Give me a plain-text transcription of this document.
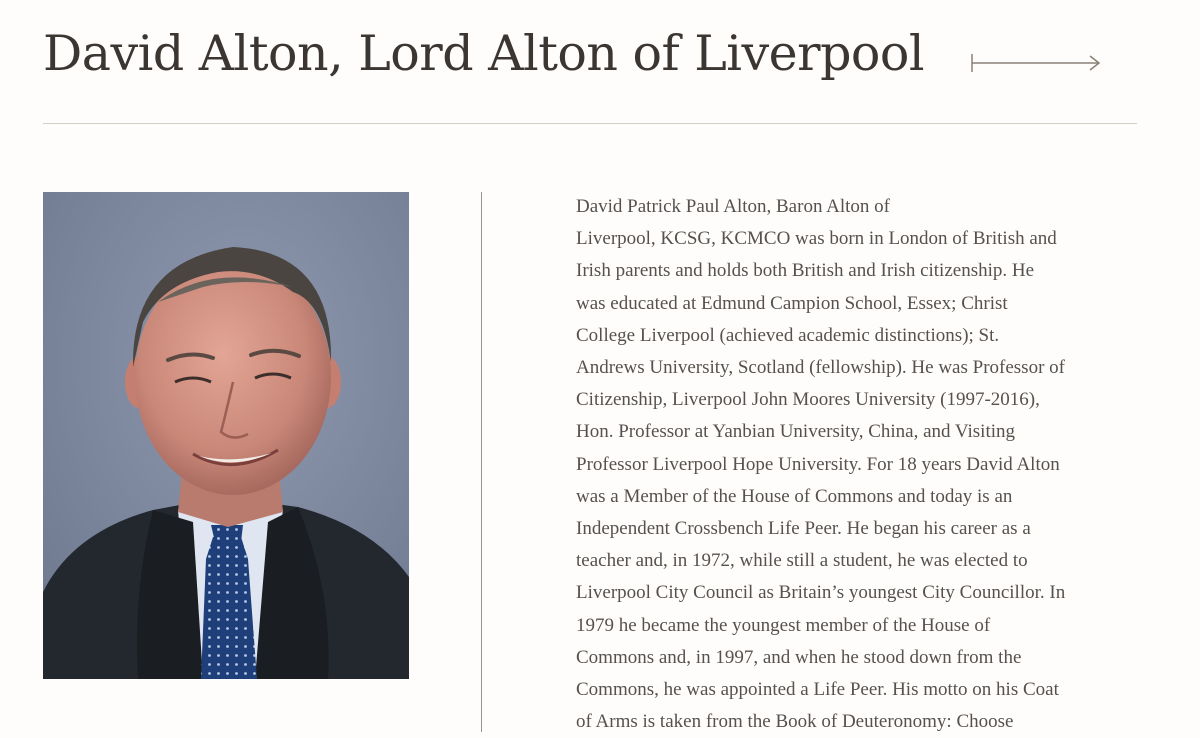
David Alton, Lord Alton of Liverpool
David Patrick Paul Alton, Baron Alton of
Liverpool, KCSG, KCMCO was born in London of British and
Irish parents and holds both British and Irish citizenship. He
was educated at Edmund Campion School, Essex; Christ
College Liverpool (achieved academic distinctions); St.
Andrews University, Scotland (fellowship). He was Professor of
Citizenship, Liverpool John Moores University (1997-2016),
Hon. Professor at Yanbian University, China, and Visiting
Professor Liverpool Hope University. For 18 years David Alton
was a Member of the House of Commons and today is an
Independent Crossbench Life Peer. He began his career as a
teacher and, in 1972, while still a student, he was elected to
Liverpool City Council as Britain’s youngest City Councillor. In
1979 he became the youngest member of the House of
Commons and, in 1997, and when he stood down from the
Commons, he was appointed a Life Peer. His motto on his Coat
of Arms is taken from the Book of Deuteronomy: Choose
